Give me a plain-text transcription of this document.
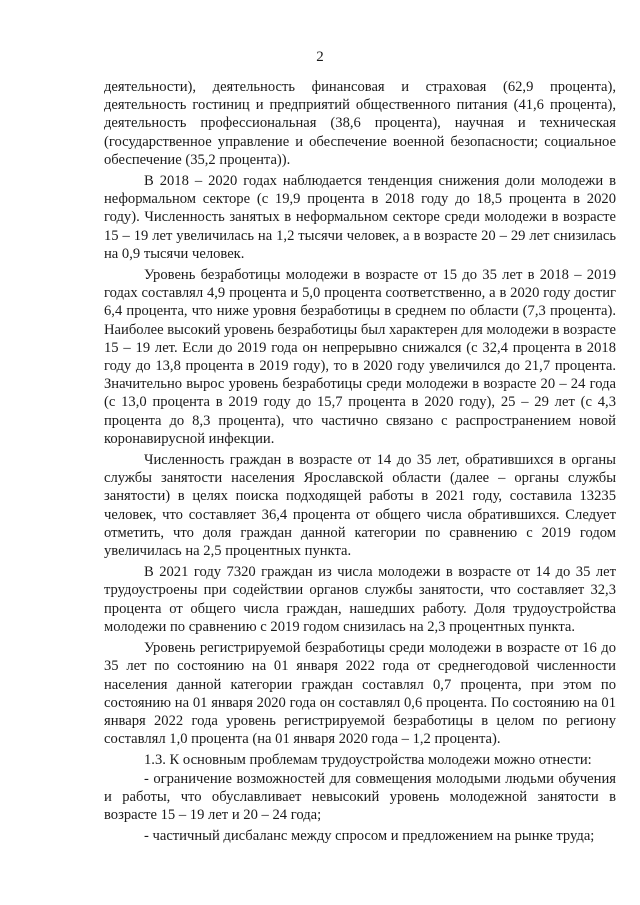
2

деятельности), деятельность финансовая и страховая (62,9 процента), деятельность гостиниц и предприятий общественного питания (41,6 процента), деятельность профессиональная (38,6 процента), научная и техническая (государственное управление и обеспечение военной безопасности; социальное обеспечение (35,2 процента)).

В 2018 – 2020 годах наблюдается тенденция снижения доли молодежи в неформальном секторе (с 19,9 процента в 2018 году до 18,5 процента в 2020 году). Численность занятых в неформальном секторе среди молодежи в возрасте 15 – 19 лет увеличилась на 1,2 тысячи человек, а в возрасте 20 – 29 лет снизилась на 0,9 тысячи человек.

Уровень безработицы молодежи в возрасте от 15 до 35 лет в 2018 – 2019 годах составлял 4,9 процента и 5,0 процента соответственно, а в 2020 году достиг 6,4 процента, что ниже уровня безработицы в среднем по области (7,3 процента). Наиболее высокий уровень безработицы был характерен для молодежи в возрасте 15 – 19 лет. Если до 2019 года он непрерывно снижался (с 32,4 процента в 2018 году до 13,8 процента в 2019 году), то в 2020 году увеличился до 21,7 процента. Значительно вырос уровень безработицы среди молодежи в возрасте 20 – 24 года (с 13,0 процента в 2019 году до 15,7 процента в 2020 году), 25 – 29 лет (с 4,3 процента до 8,3 процента), что частично связано с распространением новой коронавирусной инфекции.

Численность граждан в возрасте от 14 до 35 лет, обратившихся в органы службы занятости населения Ярославской области (далее – органы службы занятости) в целях поиска подходящей работы в 2021 году, составила 13235 человек, что составляет 36,4 процента от общего числа обратившихся. Следует отметить, что доля граждан данной категории по сравнению с 2019 годом увеличилась на 2,5 процентных пункта.

В 2021 году 7320 граждан из числа молодежи в возрасте от 14 до 35 лет трудоустроены при содействии органов службы занятости, что составляет 32,3 процента от общего числа граждан, нашедших работу. Доля трудоустройства молодежи по сравнению с 2019 годом снизилась на 2,3 процентных пункта.

Уровень регистрируемой безработицы среди молодежи в возрасте от 16 до 35 лет по состоянию на 01 января 2022 года от среднегодовой численности населения данной категории граждан составлял 0,7 процента, при этом по состоянию на 01 января 2020 года он составлял 0,6 процента. По состоянию на 01 января 2022 года уровень регистрируемой безработицы в целом по региону составлял 1,0 процента (на 01 января 2020 года – 1,2 процента).

1.3. К основным проблемам трудоустройства молодежи можно отнести:

- ограничение возможностей для совмещения молодыми людьми обучения и работы, что обуславливает невысокий уровень молодежной занятости в возрасте 15 – 19 лет и 20 – 24 года;

- частичный дисбаланс между спросом и предложением на рынке труда;
